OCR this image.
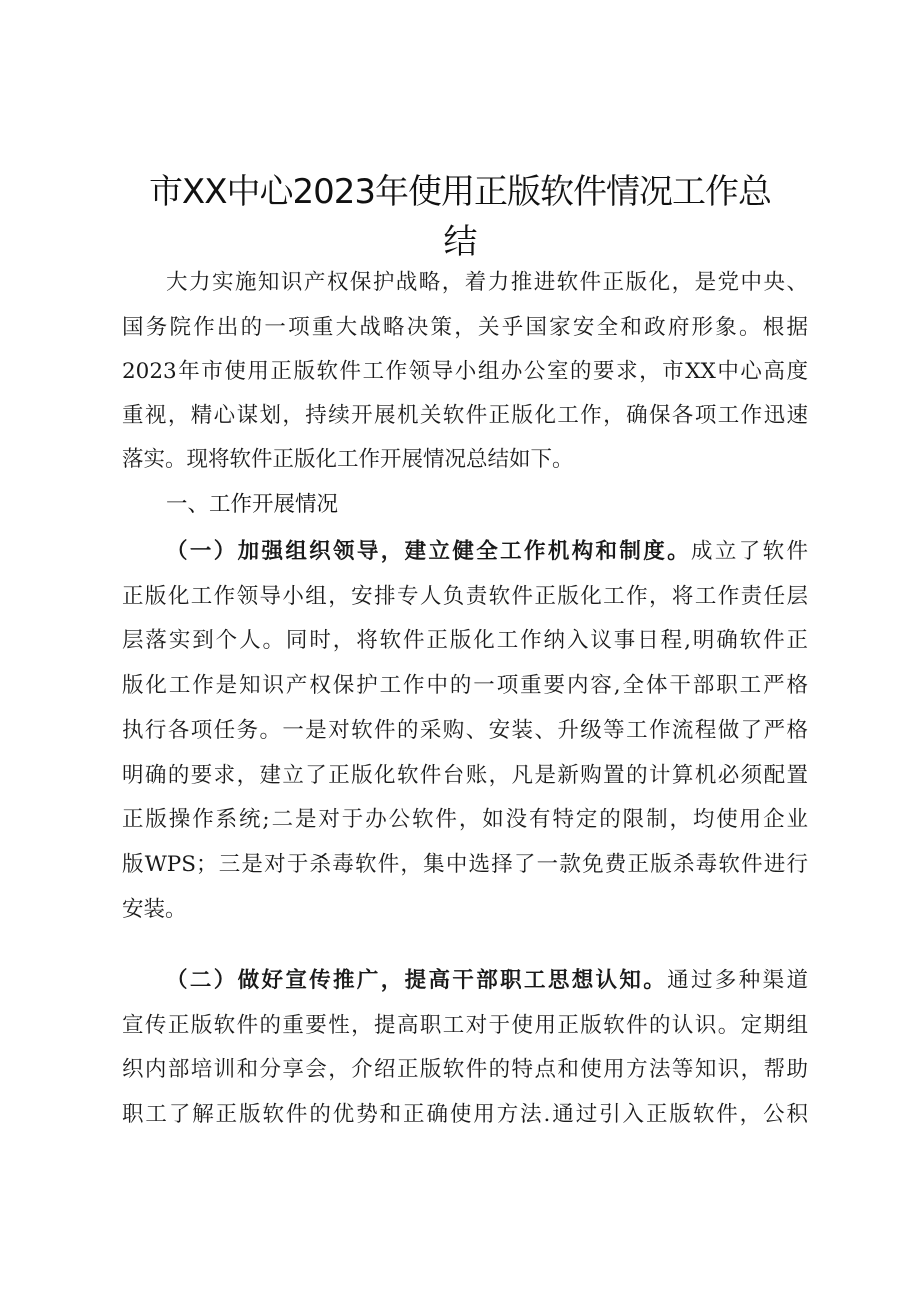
市XX中心2023年使用正版软件情况工作总
结
大力实施知识产权保护战略，着力推进软件正版化，是党中央、
国务院作出的一项重大战略决策，关乎国家安全和政府形象。根据
2023年市使用正版软件工作领导小组办公室的要求，市XX中心高度
重视，精心谋划，持续开展机关软件正版化工作，确保各项工作迅速
落实。现将软件正版化工作开展情况总结如下。
一、工作开展情况
（一）加强组织领导，建立健全工作机构和制度。成立了软件
正版化工作领导小组，安排专人负责软件正版化工作，将工作责任层
层落实到个人。同时，将软件正版化工作纳入议事日程,明确软件正
版化工作是知识产权保护工作中的一项重要内容,全体干部职工严格
执行各项任务。一是对软件的采购、安装、升级等工作流程做了严格
明确的要求，建立了正版化软件台账，凡是新购置的计算机必须配置
正版操作系统;二是对于办公软件，如没有特定的限制，均使用企业
版WPS；三是对于杀毒软件，集中选择了一款免费正版杀毒软件进行
安装。
（二）做好宣传推广，提高干部职工思想认知。通过多种渠道
宣传正版软件的重要性，提高职工对于使用正版软件的认识。定期组
织内部培训和分享会，介绍正版软件的特点和使用方法等知识，帮助
职工了解正版软件的优势和正确使用方法.通过引入正版软件，公积
